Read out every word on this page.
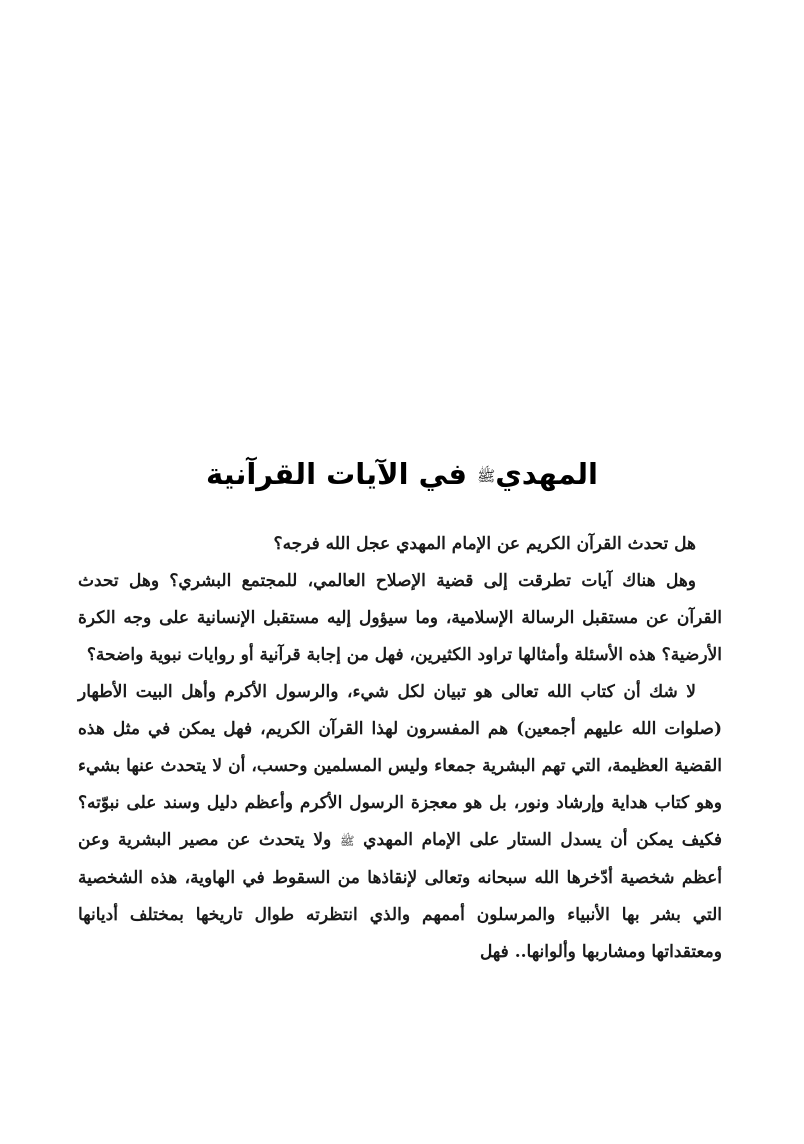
المهديﷺ في الآيات القرآنية

هل تحدث القرآن الكريم عن الإمام المهدي عجل الله فرجه؟

وهل هناك آيات تطرقت إلى قضية الإصلاح العالمي، للمجتمع البشري؟ وهل تحدث القرآن عن مستقبل الرسالة الإسلامية، وما سيؤول إليه مستقبل الإنسانية على وجه الكرة الأرضية؟ هذه الأسئلة وأمثالها تراود الكثيرين، فهل من إجابة قرآنية أو روايات نبوية واضحة؟

لا شك أن كتاب الله تعالى هو تبيان لكل شيء، والرسول الأكرم وأهل البيت الأطهار (صلوات الله عليهم أجمعين) هم المفسرون لهذا القرآن الكريم، فهل يمكن في مثل هذه القضية العظيمة، التي تهم البشرية جمعاء وليس المسلمين وحسب، أن لا يتحدث عنها بشيء وهو كتاب هداية وإرشاد ونور، بل هو معجزة الرسول الأكرم وأعظم دليل وسند على نبوّته؟ فكيف يمكن أن يسدل الستار على الإمام المهدي ﷺ ولا يتحدث عن مصير البشرية وعن أعظم شخصية أدّخرها الله سبحانه وتعالى لإنقاذها من السقوط في الهاوية، هذه الشخصية التي بشر بها الأنبياء والمرسلون أممهم والذي انتظرته طوال تاريخها بمختلف أديانها ومعتقداتها ومشاربها وألوانها.. فهل
